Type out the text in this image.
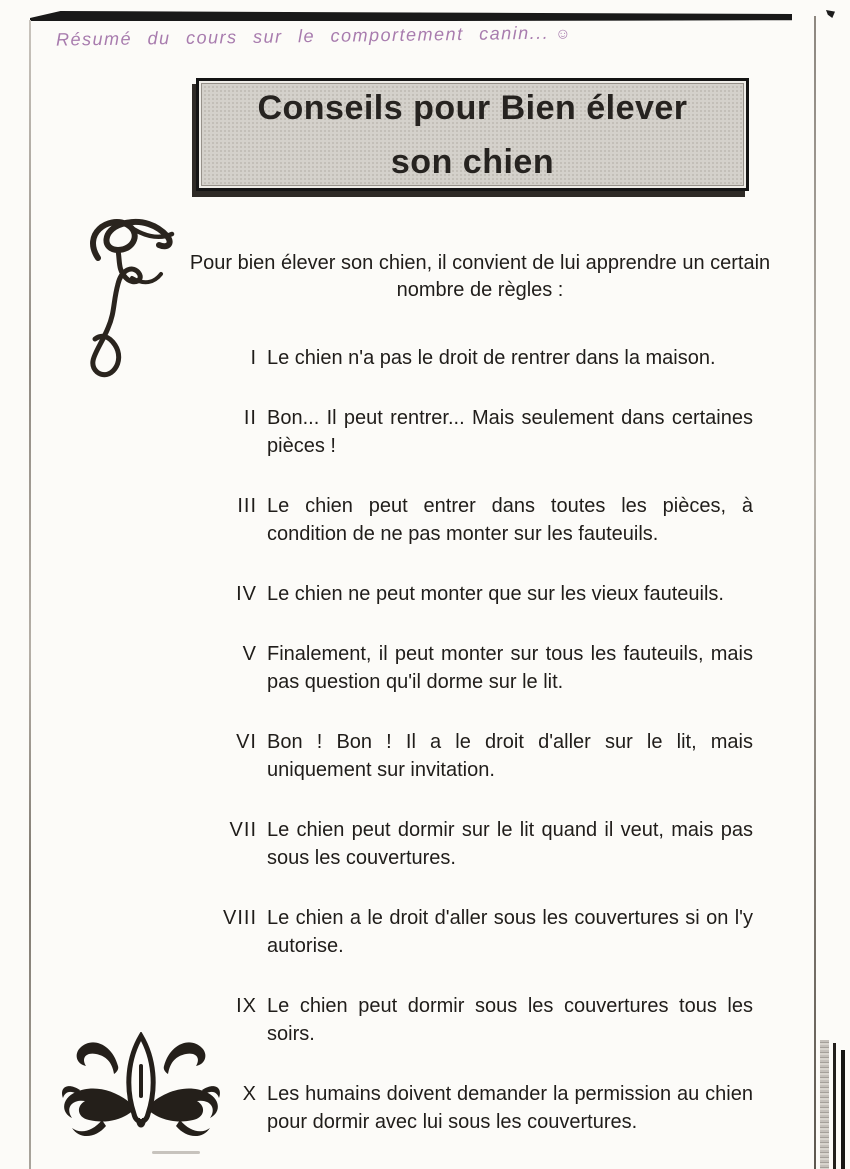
Résumé du cours sur le comportement canin... ☺
Conseils pour Bien élever
son chien
Pour bien élever son chien, il convient de lui apprendre un certain nombre de règles :
I Le chien n'a pas le droit de rentrer dans la maison.
II Bon... Il peut rentrer... Mais seulement dans certaines pièces !
III Le chien peut entrer dans toutes les pièces, à condition de ne pas monter sur les fauteuils.
IV Le chien ne peut monter que sur les vieux fauteuils.
V Finalement, il peut monter sur tous les fauteuils, mais pas question qu'il dorme sur le lit.
VI Bon ! Bon ! Il a le droit d'aller sur le lit, mais uniquement sur invitation.
VII Le chien peut dormir sur le lit quand il veut, mais pas sous les couvertures.
VIII Le chien a le droit d'aller sous les couvertures si on l'y autorise.
IX Le chien peut dormir sous les couvertures tous les soirs.
X Les humains doivent demander la permission au chien pour dormir avec lui sous les couvertures.
